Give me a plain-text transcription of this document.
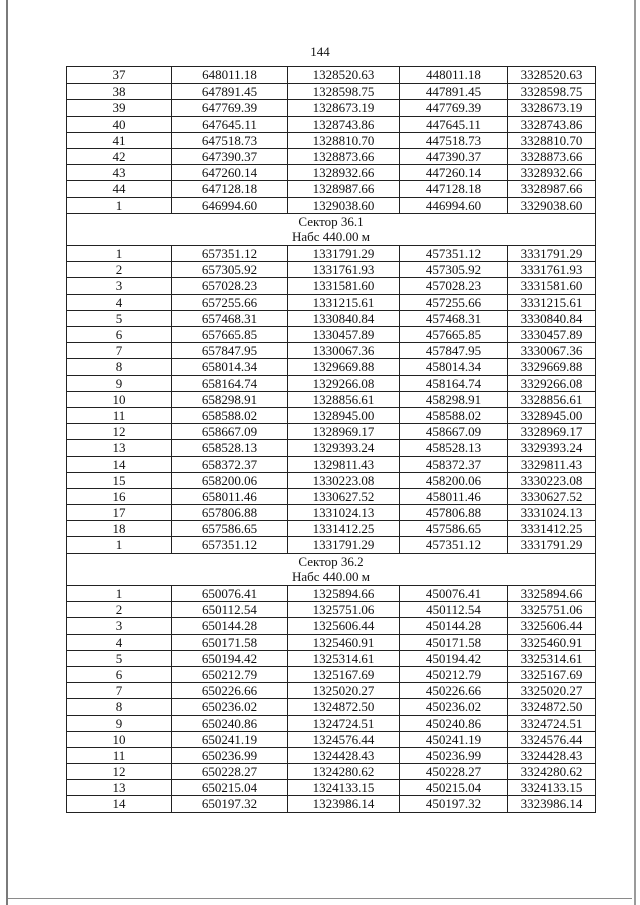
144
37	648011.18	1328520.63	448011.18	3328520.63
38	647891.45	1328598.75	447891.45	3328598.75
39	647769.39	1328673.19	447769.39	3328673.19
40	647645.11	1328743.86	447645.11	3328743.86
41	647518.73	1328810.70	447518.73	3328810.70
42	647390.37	1328873.66	447390.37	3328873.66
43	647260.14	1328932.66	447260.14	3328932.66
44	647128.18	1328987.66	447128.18	3328987.66
1	646994.60	1329038.60	446994.60	3329038.60
Сектор 36.1
Набс 440.00 м
1	657351.12	1331791.29	457351.12	3331791.29
2	657305.92	1331761.93	457305.92	3331761.93
3	657028.23	1331581.60	457028.23	3331581.60
4	657255.66	1331215.61	457255.66	3331215.61
5	657468.31	1330840.84	457468.31	3330840.84
6	657665.85	1330457.89	457665.85	3330457.89
7	657847.95	1330067.36	457847.95	3330067.36
8	658014.34	1329669.88	458014.34	3329669.88
9	658164.74	1329266.08	458164.74	3329266.08
10	658298.91	1328856.61	458298.91	3328856.61
11	658588.02	1328945.00	458588.02	3328945.00
12	658667.09	1328969.17	458667.09	3328969.17
13	658528.13	1329393.24	458528.13	3329393.24
14	658372.37	1329811.43	458372.37	3329811.43
15	658200.06	1330223.08	458200.06	3330223.08
16	658011.46	1330627.52	458011.46	3330627.52
17	657806.88	1331024.13	457806.88	3331024.13
18	657586.65	1331412.25	457586.65	3331412.25
1	657351.12	1331791.29	457351.12	3331791.29
Сектор 36.2
Набс 440.00 м
1	650076.41	1325894.66	450076.41	3325894.66
2	650112.54	1325751.06	450112.54	3325751.06
3	650144.28	1325606.44	450144.28	3325606.44
4	650171.58	1325460.91	450171.58	3325460.91
5	650194.42	1325314.61	450194.42	3325314.61
6	650212.79	1325167.69	450212.79	3325167.69
7	650226.66	1325020.27	450226.66	3325020.27
8	650236.02	1324872.50	450236.02	3324872.50
9	650240.86	1324724.51	450240.86	3324724.51
10	650241.19	1324576.44	450241.19	3324576.44
11	650236.99	1324428.43	450236.99	3324428.43
12	650228.27	1324280.62	450228.27	3324280.62
13	650215.04	1324133.15	450215.04	3324133.15
14	650197.32	1323986.14	450197.32	3323986.14
